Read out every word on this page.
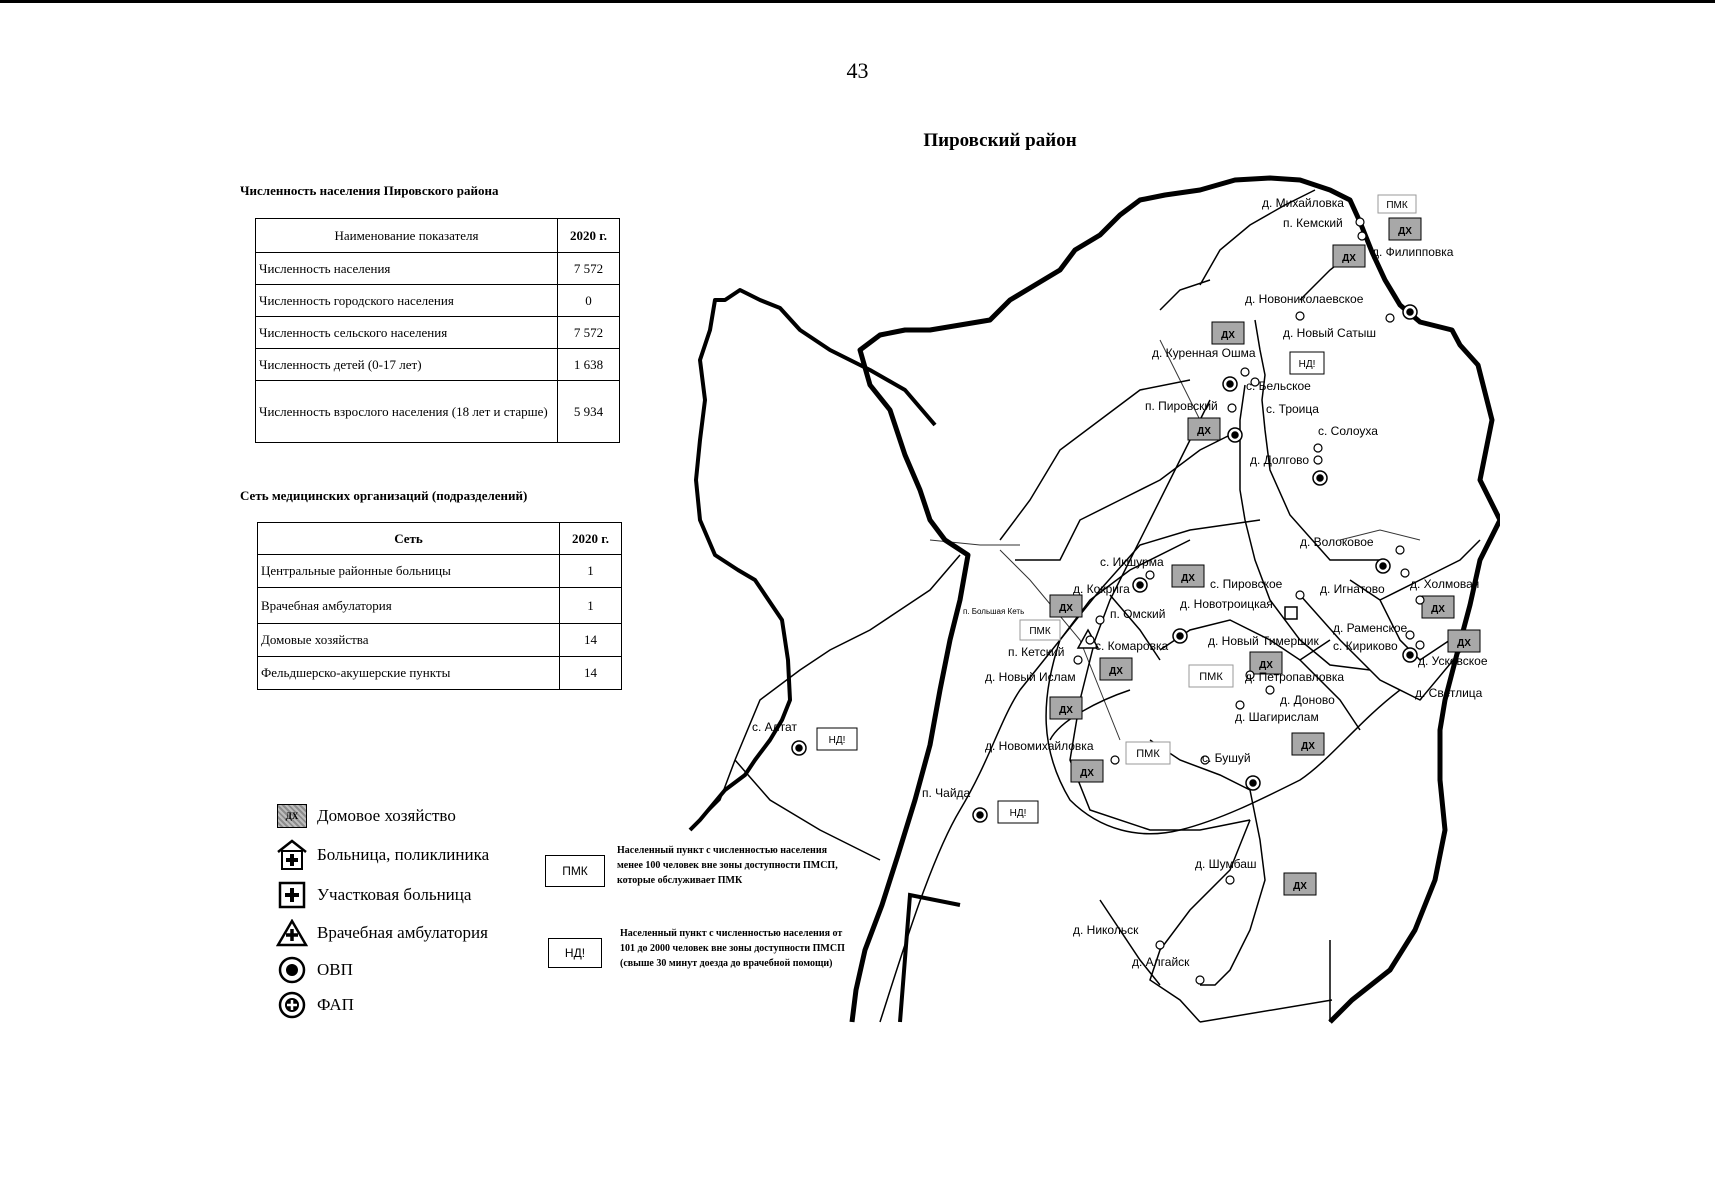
43
Пировский район
Численность населения Пировского района
Наименование показателя	2020 г.
Численность населения	7 572
Численность городского населения	0
Численность сельского населения	7 572
Численность детей (0-17 лет)	1 638
Численность взрослого населения (18 лет и старше)	5 934
Сеть медицинских организаций (подразделений)
Сеть	2020 г.
Центральные районные больницы	1
Врачебная амбулатория	1
Домовые хозяйства	14
Фельдшерско-акушерские пункты	14
ДХ	Домовое хозяйство
Больница, поликлиника
Участковая больница
Врачебная амбулатория
ОВП
ФАП
ПМК
Населенный пункт с численностью населения менее 100 человек вне зоны доступности ПМСП, которые обслуживает ПМК
НД!
Населенный пункт с численностью населения от 101 до 2000 человек вне зоны доступности ПМСП (свыше 30 минут доезда до врачебной помощи)
ДХ
ДХ
ДХ
ДХ
ДХ
ДХ
ДХ
ДХ
ДХ
ДХ
ДХ
ДХ
ДХ
ДХ
ПМК
ПМК
ПМК
ПМК
НД!
НД!
НД!
д. Михайловка
п. Кемский
д. Филипповка
д. Новониколаевское
д. Новый Сатыш
д. Куренная Ошма
с. Бельское
п. Пировский	с. Троица
с. Солоуха
д. Долгово
д. Волоковое
с. Икшурма
с. Пировское	д. Игнатово д. Холмовая
д. Кокрига
д. Новотроицкая
п. Большая Кеть	п. Омский
д. Раменское
д. Новый Тимершик с. Кириково
с. Комаровка
п. Кетский
д. Усковское
д. Новый Ислам	д. Петропавловка
д. Светлица
д. Доново
д. Шагирислам
с. Алтат
д. Новомихайловка
с. Бушуй
п. Чайда
д. Шумбаш
д. Никольск
д. Алгайск
